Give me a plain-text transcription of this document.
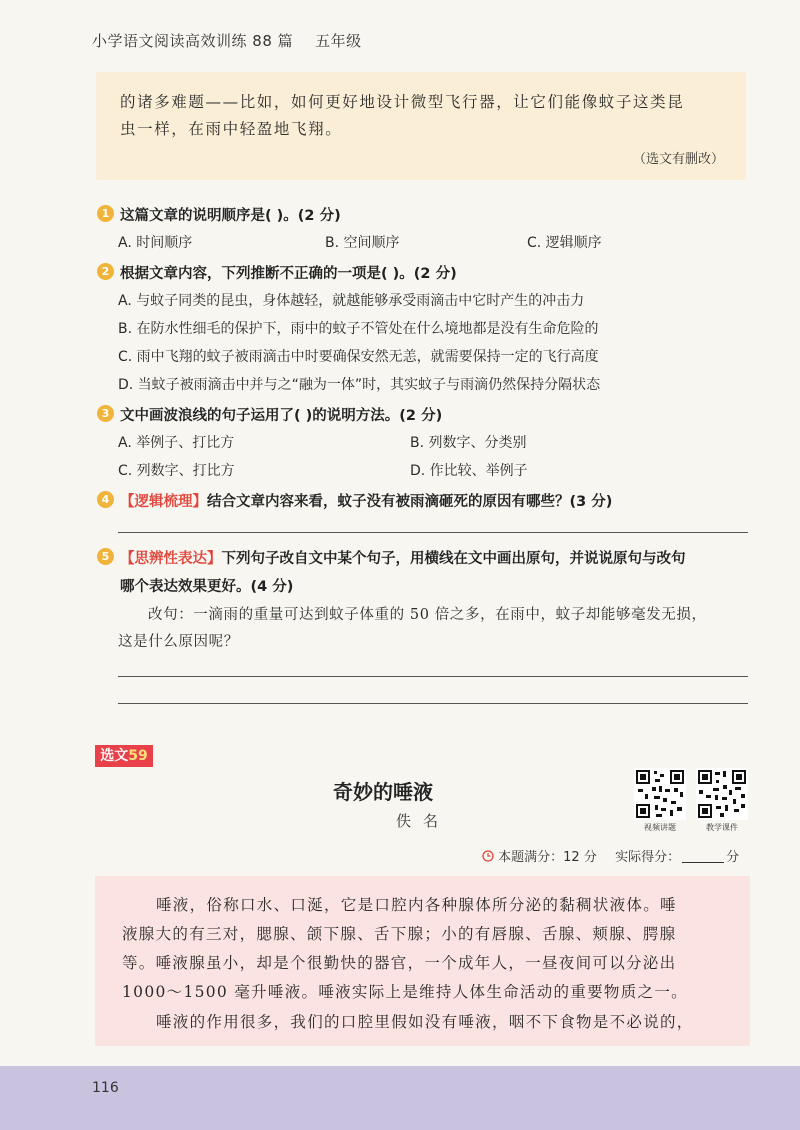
小学语文阅读高效训练 88 篇 五年级
的诸多难题——比如，如何更好地设计微型飞行器，让它们能像蚊子这类昆
虫一样，在雨中轻盈地飞翔。
（选文有删改）
1 这篇文章的说明顺序是( )。(2 分)
A. 时间顺序	B. 空间顺序	C. 逻辑顺序
2 根据文章内容，下列推断不正确的一项是( )。(2 分)
A. 与蚊子同类的昆虫，身体越轻，就越能够承受雨滴击中它时产生的冲击力
B. 在防水性细毛的保护下，雨中的蚊子不管处在什么境地都是没有生命危险的
C. 雨中飞翔的蚊子被雨滴击中时要确保安然无恙，就需要保持一定的飞行高度
D. 当蚊子被雨滴击中并与之“融为一体”时，其实蚊子与雨滴仍然保持分隔状态
3 文中画波浪线的句子运用了( )的说明方法。(2 分)
A. 举例子、打比方	B. 列数字、分类别
C. 列数字、打比方	D. 作比较、举例子
4 【逻辑梳理】结合文章内容来看，蚊子没有被雨滴砸死的原因有哪些？(3 分)
5 【思辨性表达】下列句子改自文中某个句子，用横线在文中画出原句，并说说原句与改句
哪个表达效果更好。(4 分)
改句：一滴雨的重量可达到蚊子体重的 50 倍之多，在雨中，蚊子却能够毫发无损，
这是什么原因呢？
选文59
奇妙的唾液
佚名	视频讲题	教学课件
本题满分：12 分 实际得分：	分
唾液，俗称口水、口涎，它是口腔内各种腺体所分泌的黏稠状液体。唾
液腺大的有三对，腮腺、颌下腺、舌下腺；小的有唇腺、舌腺、颊腺、腭腺
等。唾液腺虽小，却是个很勤快的器官，一个成年人，一昼夜间可以分泌出
1000～1500 毫升唾液。唾液实际上是维持人体生命活动的重要物质之一。
唾液的作用很多，我们的口腔里假如没有唾液，咽不下食物是不必说的，
116
